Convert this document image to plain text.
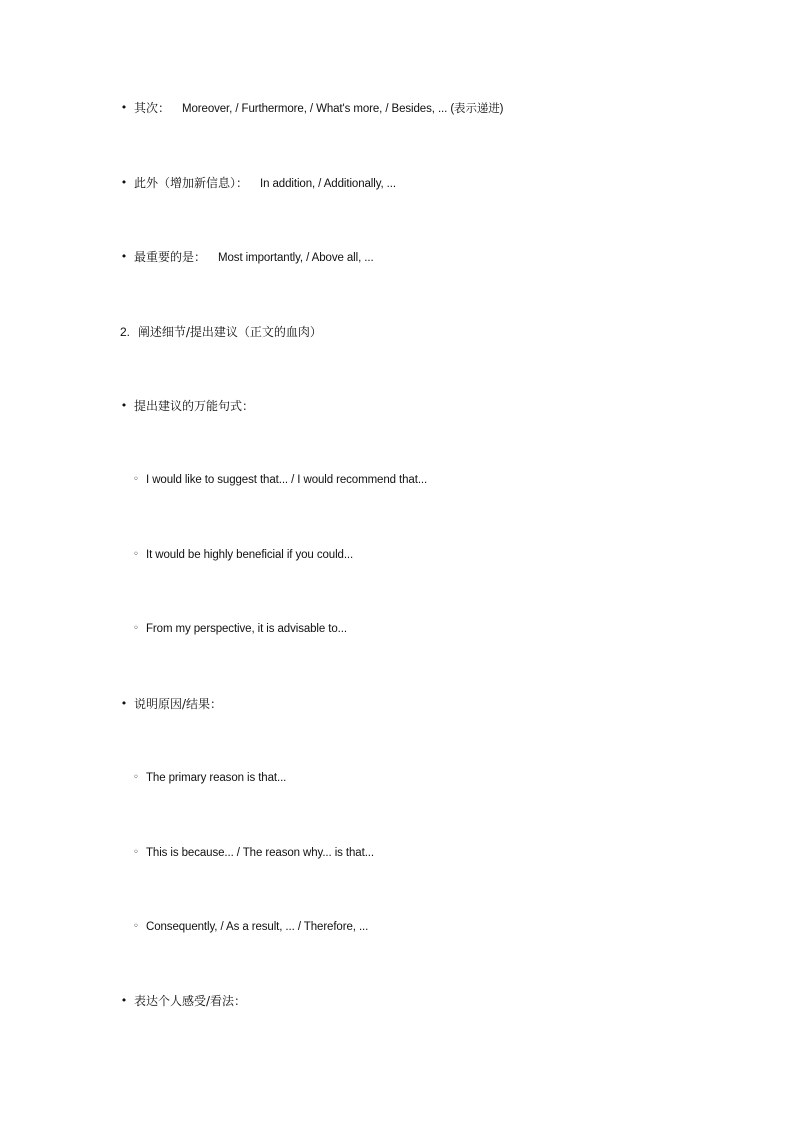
• 其次： Moreover, / Furthermore, / What's more, / Besides, ... (表示递进)
• 此外（增加新信息）： In addition, / Additionally, ...
• 最重要的是： Most importantly, / Above all, ...
2. 阐述细节/提出建议（正文的血肉）
• 提出建议的万能句式：
◦ I would like to suggest that... / I would recommend that...
◦ It would be highly beneficial if you could...
◦ From my perspective, it is advisable to...
• 说明原因/结果：
◦ The primary reason is that...
◦ This is because... / The reason why... is that...
◦ Consequently, / As a result, ... / Therefore, ...
• 表达个人感受/看法：
